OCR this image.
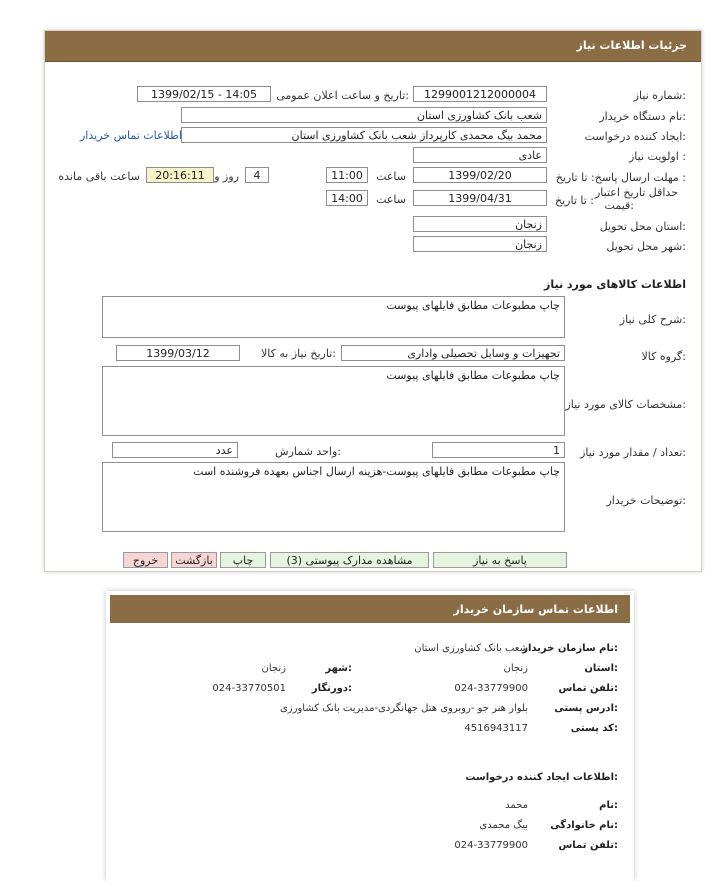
جزئیات اطلاعات نیاز
شماره نیاز:
1299001212000004
تاریخ و ساعت اعلان عمومی:
1399/02/15 - 14:05
نام دستگاه خریدار:
شعب بانک کشاورزی استان
ایجاد کننده درخواست:
محمد بیگ محمدی کارپرداز شعب بانک کشاورزی استان
اطلاعات تماس خریدار
اولویت نیاز :
عادی
مهلت ارسال پاسخ: تا تاریخ :
1399/02/20
ساعت
11:00
4
روز و
20:16:11
ساعت باقی مانده
حداقل تاریخ اعتبار
قیمت:
تا تاریخ :
1399/04/31
ساعت
14:00
استان محل تحویل:
زنجان
شهر محل تحویل:
زنجان
اطلاعات کالاهای مورد نیاز
شرح کلی نیاز:
چاپ مطبوعات مطابق فایلهای پیوست
گروه کالا:
تجهیزات و وسایل تحصیلی واداری
تاریخ نیاز به کالا:
1399/03/12
مشخصات کالای مورد نیاز:
چاپ مطبوعات مطابق فایلهای پیوست
تعداد / مقدار مورد نیاز:
1
واحد شمارش:
عدد
توضیحات خریدار:
چاپ مطبوعات مطابق فایلهای پیوست-هزینه ارسال اجناس بعهده فروشنده است
پاسخ به نیاز
مشاهده مدارک پیوستی (3)
چاپ
بازگشت
خروج
اطلاعات تماس سازمان خریدار
نام سازمان خریدار:
شعب بانک کشاورزی استان
استان:
زنجان
شهر:
زنجان
تلفن تماس:
024-33779900
دورنگار:
024-33770501
ادرس پستی:
بلوار هنر جو -روبروی هتل جهانگردی-مدیریت بانک کشاورزی
کد پستی:
4516943117
اطلاعات ایجاد کننده درخواست:
نام:
محمد
نام خانوادگی:
بیگ محمدی
تلفن تماس:
024-33779900
